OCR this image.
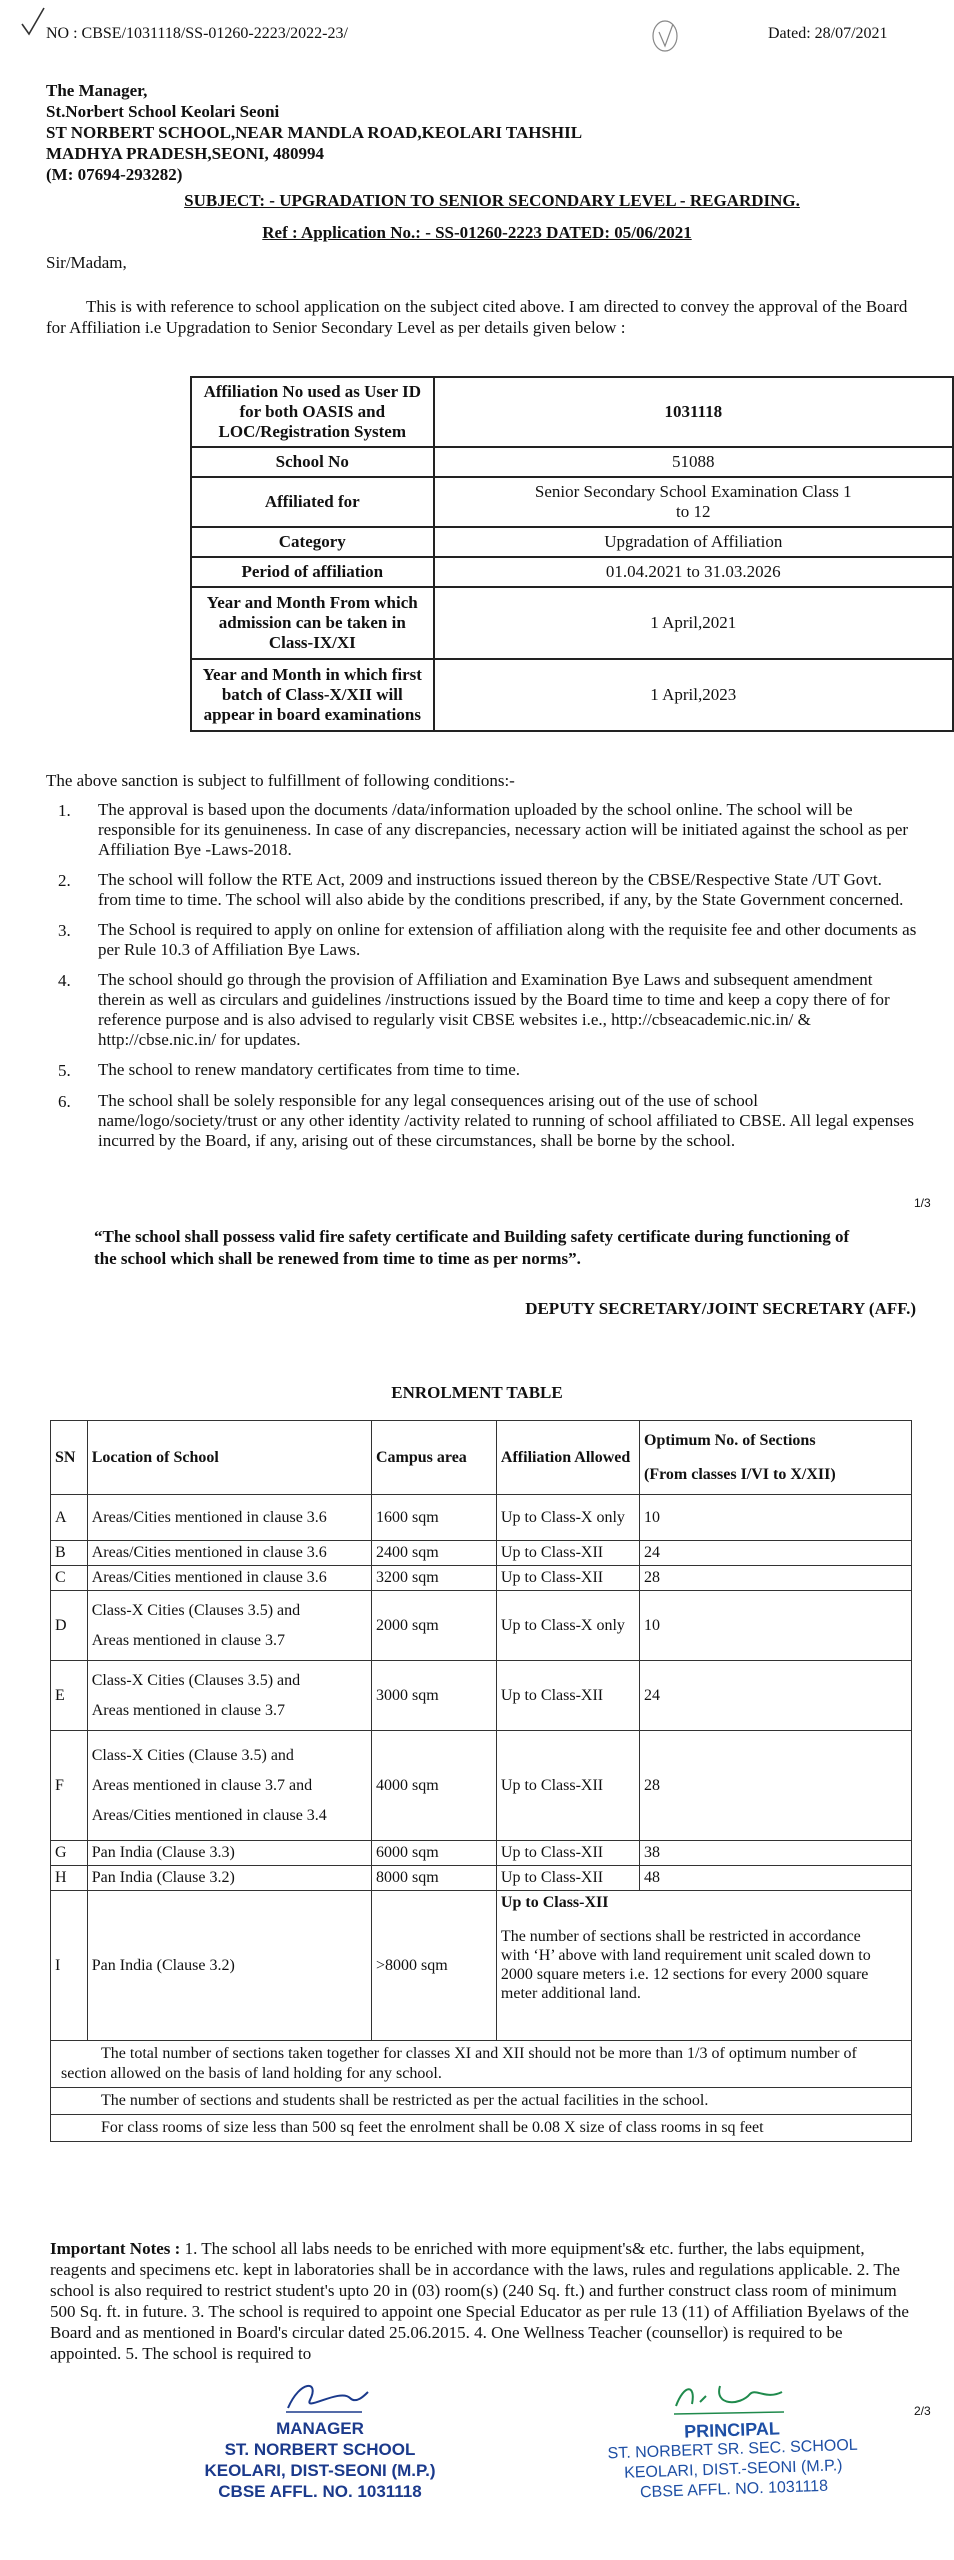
NO : CBSE/1031118/SS-01260-2223/2022-23/	Dated: 28/07/2021
The Manager,
St.Norbert School Keolari Seoni
ST NORBERT SCHOOL,NEAR MANDLA ROAD,KEOLARI TAHSHIL
MADHYA PRADESH,SEONI, 480994
(M: 07694-293282)
SUBJECT: - UPGRADATION TO SENIOR SECONDARY LEVEL - REGARDING.
Ref : Application No.: - SS-01260-2223 DATED: 05/06/2021
Sir/Madam,
This is with reference to school application on the subject cited above. I am directed to convey the approval of the Board for Affiliation i.e Upgradation to Senior Secondary Level as per details given below :
Affiliation No used as User ID for both OASIS and LOC/Registration System	1031118
School No	51088
Affiliated for	Senior Secondary School Examination Class 1 to 12
Category	Upgradation of Affiliation
Period of affiliation	01.04.2021 to 31.03.2026
Year and Month From which admission can be taken in Class-IX/XI	1 April,2021
Year and Month in which first batch of Class-X/XII will appear in board examinations	1 April,2023
The above sanction is subject to fulfillment of following conditions:-
1.	The approval is based upon the documents /data/information uploaded by the school online. The school will be responsible for its genuineness. In case of any discrepancies, necessary action will be initiated against the school as per Affiliation Bye -Laws-2018.
2.	The school will follow the RTE Act, 2009 and instructions issued thereon by the CBSE/Respective State /UT Govt. from time to time. The school will also abide by the conditions prescribed, if any, by the State Government concerned.
3.	The School is required to apply on online for extension of affiliation along with the requisite fee and other documents as per Rule 10.3 of Affiliation Bye Laws.
4.	The school should go through the provision of Affiliation and Examination Bye Laws and subsequent amendment therein as well as circulars and guidelines /instructions issued by the Board time to time and keep a copy there of for reference purpose and is also advised to regularly visit CBSE websites i.e., http://cbseacademic.nic.in/ & http://cbse.nic.in/ for updates.
5.	The school to renew mandatory certificates from time to time.
6.	The school shall be solely responsible for any legal consequences arising out of the use of school name/logo/society/trust or any other identity /activity related to running of school affiliated to CBSE. All legal expenses incurred by the Board, if any, arising out of these circumstances, shall be borne by the school.
1/3
“The school shall possess valid fire safety certificate and Building safety certificate during functioning of the school which shall be renewed from time to time as per norms”.
DEPUTY SECRETARY/JOINT SECRETARY (AFF.)
ENROLMENT TABLE
SN	Location of School	Campus area	Affiliation Allowed	Optimum No. of Sections
(From classes I/VI to X/XII)

A	Areas/Cities mentioned in clause 3.6	1600 sqm	Up to Class-X only	10
B	Areas/Cities mentioned in clause 3.6	2400 sqm	Up to Class-XII	24
C	Areas/Cities mentioned in clause 3.6	3200 sqm	Up to Class-XII	28
D	Class-X Cities (Clauses 3.5) and
Areas mentioned in clause 3.7	2000 sqm	Up to Class-X only	10
E	Class-X Cities (Clauses 3.5) and
Areas mentioned in clause 3.7	3000 sqm	Up to Class-XII	24
F	Class-X Cities (Clause 3.5) and
Areas mentioned in clause 3.7 and
Areas/Cities mentioned in clause 3.4	4000 sqm	Up to Class-XII	28
G	Pan India (Clause 3.3)	6000 sqm	Up to Class-XII	38
H	Pan India (Clause 3.2)	8000 sqm	Up to Class-XII	48
I	Pan India (Clause 3.2)	>8000 sqm	Up to Class-XII
The number of sections shall be restricted in accordance with ‘H’ above with land requirement unit scaled down to 2000 square meters i.e. 12 sections for every 2000 square meter additional land.	

The total number of sections taken together for classes XI and XII should not be more than 1/3 of optimum number of section allowed on the basis of land holding for any school.				
The number of sections and students shall be restricted as per the actual facilities in the school.				
For class rooms of size less than 500 sq feet the enrolment shall be 0.08 X size of class rooms in sq feet				
Important Notes : 1. The school all labs needs to be enriched with more equipment's& etc. further, the labs equipment, reagents and specimens etc. kept in laboratories shall be in accordance with the laws, rules and regulations applicable. 2. The school is also required to restrict student's upto 20 in (03) room(s) (240 Sq. ft.) and further construct class room of minimum 500 Sq. ft. in future. 3. The school is required to appoint one Special Educator as per rule 13 (11) of Affiliation Byelaws of the Board and as mentioned in Board's circular dated 25.06.2015. 4. One Wellness Teacher (counsellor) is required to be appointed. 5. The school is required to
2/3
MANAGER
ST. NORBERT SCHOOL
KEOLARI, DIST-SEONI (M.P.)
CBSE AFFL. NO. 1031118
PRINCIPAL
ST. NORBERT SR. SEC. SCHOOL
KEOLARI, DIST.-SEONI (M.P.)
CBSE AFFL. NO. 1031118
